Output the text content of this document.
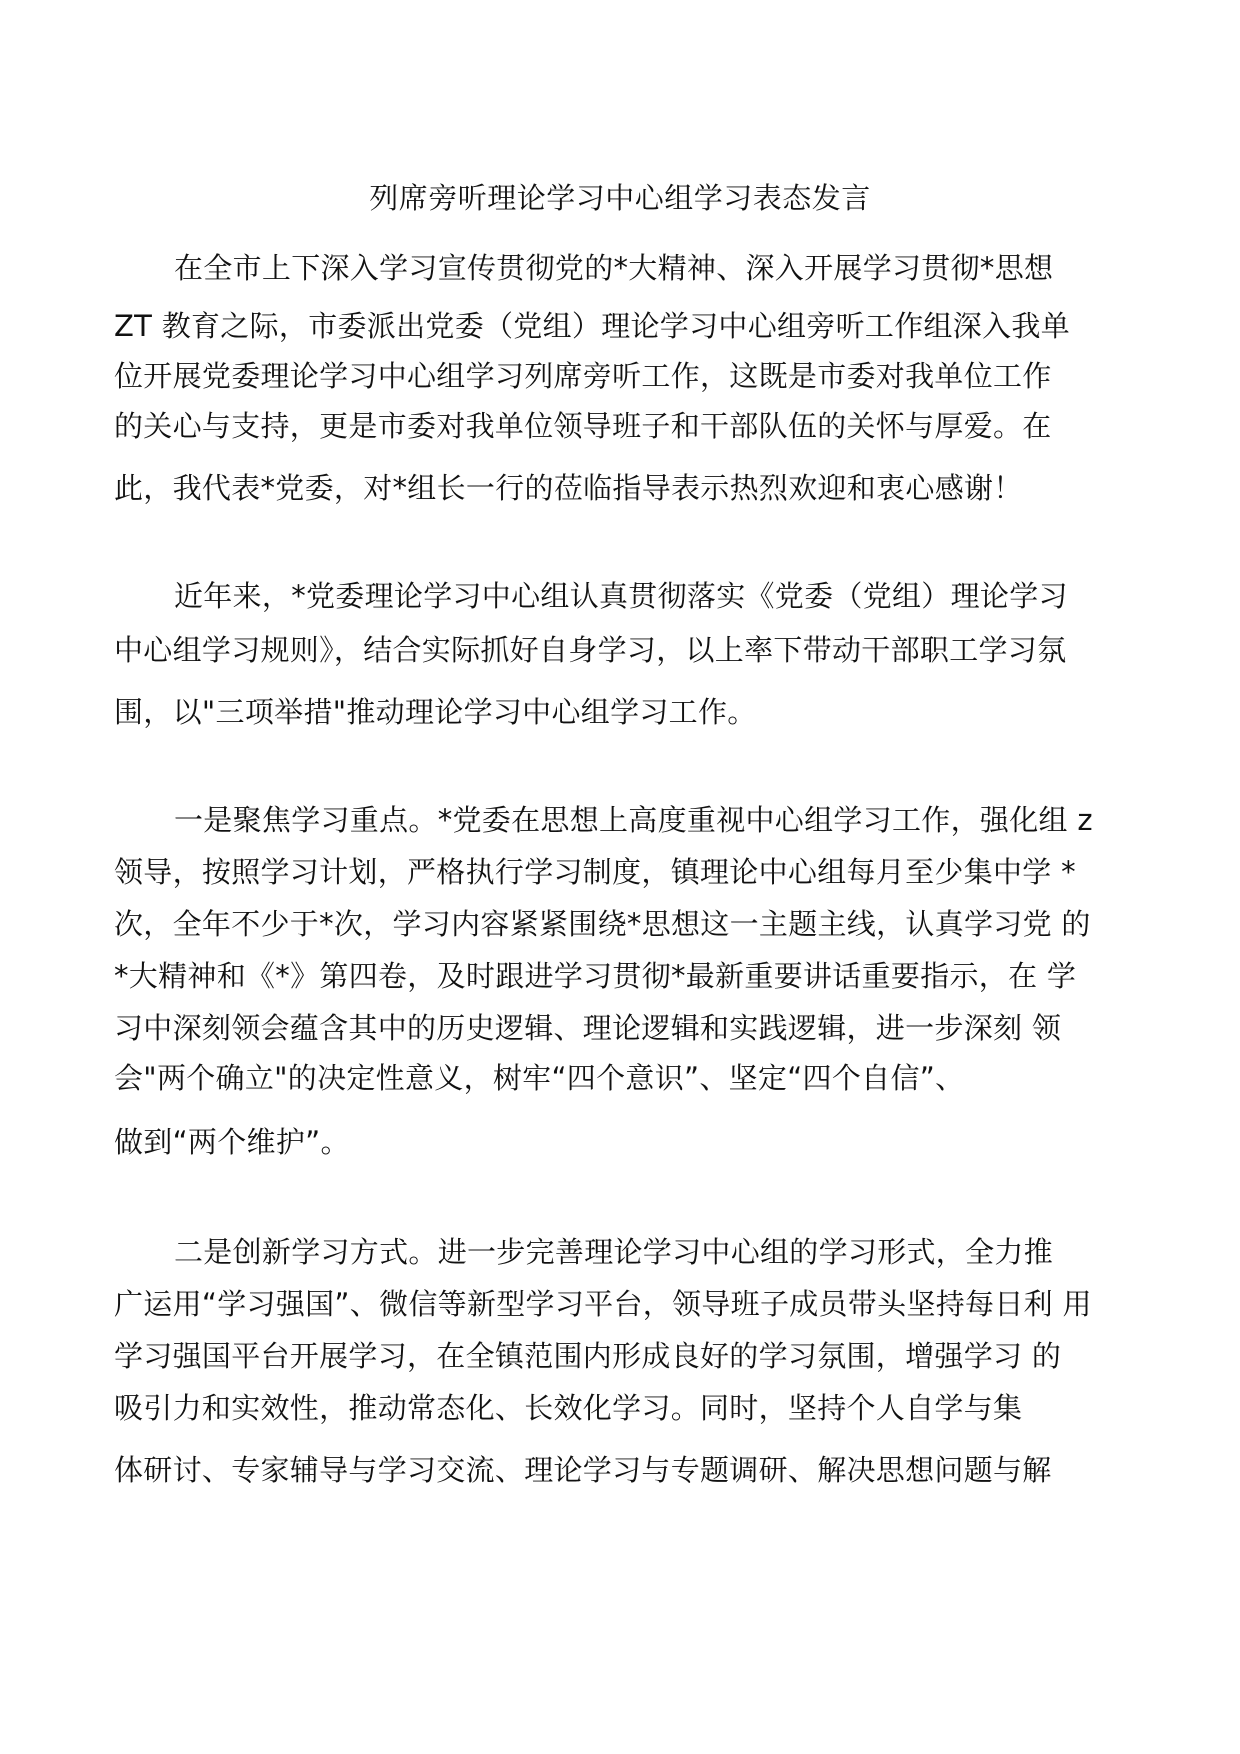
列席旁听理论学习中心组学习表态发言
在全市上下深入学习宣传贯彻党的*大精神、深入开展学习贯彻*思想
ZT 教育之际，市委派出党委（党组）理论学习中心组旁听工作组深入我单
位开展党委理论学习中心组学习列席旁听工作，这既是市委对我单位工作
的关心与支持，更是市委对我单位领导班子和干部队伍的关怀与厚爱。在
此，我代表*党委，对*组长一行的莅临指导表示热烈欢迎和衷心感谢！
近年来，*党委理论学习中心组认真贯彻落实《党委（党组）理论学习
中心组学习规则》，结合实际抓好自身学习，以上率下带动干部职工学习氛
围，以"三项举措"推动理论学习中心组学习工作。
一是聚焦学习重点。*党委在思想上高度重视中心组学习工作，强化组 z
领导，按照学习计划，严格执行学习制度，镇理论中心组每月至少集中学 *
次，全年不少于*次，学习内容紧紧围绕*思想这一主题主线，认真学习党 的
*大精神和《*》第四卷，及时跟进学习贯彻*最新重要讲话重要指示，在 学
习中深刻领会蕴含其中的历史逻辑、理论逻辑和实践逻辑，进一步深刻 领
会"两个确立"的决定性意义，树牢“四个意识”、坚定“四个自信”、
做到“两个维护”。
二是创新学习方式。进一步完善理论学习中心组的学习形式，全力推
广运用“学习强国”、微信等新型学习平台，领导班子成员带头坚持每日利 用
学习强国平台开展学习，在全镇范围内形成良好的学习氛围，增强学习 的
吸引力和实效性，推动常态化、长效化学习。同时，坚持个人自学与集
体研讨、专家辅导与学习交流、理论学习与专题调研、解决思想问题与解
